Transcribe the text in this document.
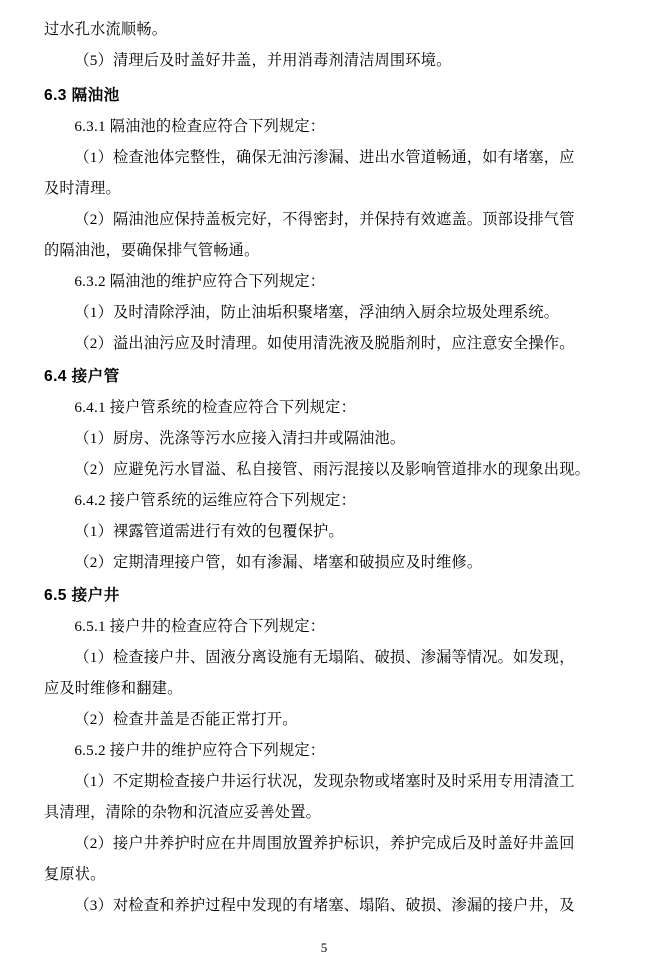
过水孔水流顺畅。

（5）清理后及时盖好井盖，并用消毒剂清洁周围环境。

6.3 隔油池

6.3.1 隔油池的检查应符合下列规定：

（1）检查池体完整性，确保无油污渗漏、进出水管道畅通，如有堵塞，应

及时清理。

（2）隔油池应保持盖板完好，不得密封，并保持有效遮盖。顶部设排气管

的隔油池，要确保排气管畅通。

6.3.2 隔油池的维护应符合下列规定：

（1）及时清除浮油，防止油垢积聚堵塞，浮油纳入厨余垃圾处理系统。

（2）溢出油污应及时清理。如使用清洗液及脱脂剂时，应注意安全操作。

6.4 接户管

6.4.1 接户管系统的检查应符合下列规定：

（1）厨房、洗涤等污水应接入清扫井或隔油池。

（2）应避免污水冒溢、私自接管、雨污混接以及影响管道排水的现象出现。

6.4.2 接户管系统的运维应符合下列规定：

（1）裸露管道需进行有效的包覆保护。

（2）定期清理接户管，如有渗漏、堵塞和破损应及时维修。

6.5 接户井

6.5.1 接户井的检查应符合下列规定：

（1）检查接户井、固液分离设施有无塌陷、破损、渗漏等情况。如发现，

应及时维修和翻建。

（2）检查井盖是否能正常打开。

6.5.2 接户井的维护应符合下列规定：

（1）不定期检查接户井运行状况，发现杂物或堵塞时及时采用专用清渣工

具清理，清除的杂物和沉渣应妥善处置。

（2）接户井养护时应在井周围放置养护标识，养护完成后及时盖好井盖回

复原状。

（3）对检查和养护过程中发现的有堵塞、塌陷、破损、渗漏的接户井，及

5
